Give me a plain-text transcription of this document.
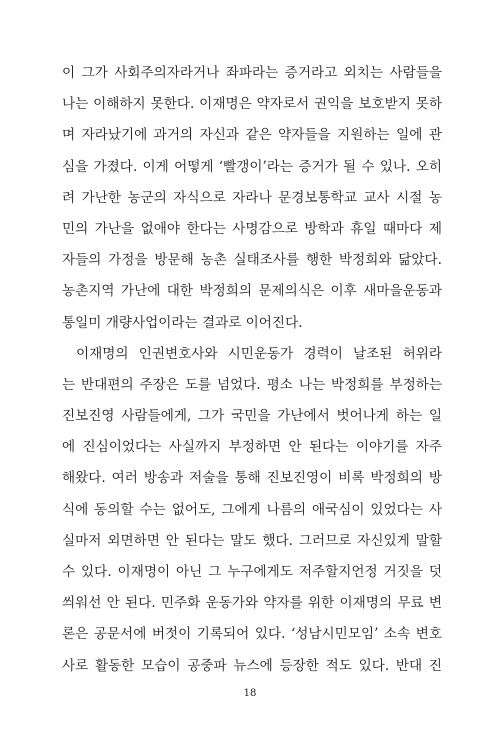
이 그가 사회주의자라거나 좌파라는 증거라고 외치는 사람들을
나는 이해하지 못한다. 이재명은 약자로서 권익을 보호받지 못하
며 자라났기에 과거의 자신과 같은 약자들을 지원하는 일에 관
심을 가졌다. 이게 어떻게 ‘빨갱이’라는 증거가 될 수 있나. 오히
려 가난한 농군의 자식으로 자라나 문경보통학교 교사 시절 농
민의 가난을 없애야 한다는 사명감으로 방학과 휴일 때마다 제
자들의 가정을 방문해 농촌 실태조사를 행한 박정희와 닮았다.
농촌지역 가난에 대한 박정희의 문제의식은 이후 새마을운동과
통일미 개량사업이라는 결과로 이어진다.
이재명의 인권변호사와 시민운동가 경력이 날조된 허위라
는 반대편의 주장은 도를 넘었다. 평소 나는 박정희를 부정하는
진보진영 사람들에게, 그가 국민을 가난에서 벗어나게 하는 일
에 진심이었다는 사실까지 부정하면 안 된다는 이야기를 자주
해왔다. 여러 방송과 저술을 통해 진보진영이 비록 박정희의 방
식에 동의할 수는 없어도, 그에게 나름의 애국심이 있었다는 사
실마저 외면하면 안 된다는 말도 했다. 그러므로 자신있게 말할
수 있다. 이재명이 아닌 그 누구에게도 저주할지언정 거짓을 덧
씌워선 안 된다. 민주화 운동가와 약자를 위한 이재명의 무료 변
론은 공문서에 버젓이 기록되어 있다. ‘성남시민모임’ 소속 변호
사로 활동한 모습이 공중파 뉴스에 등장한 적도 있다. 반대 진
18
